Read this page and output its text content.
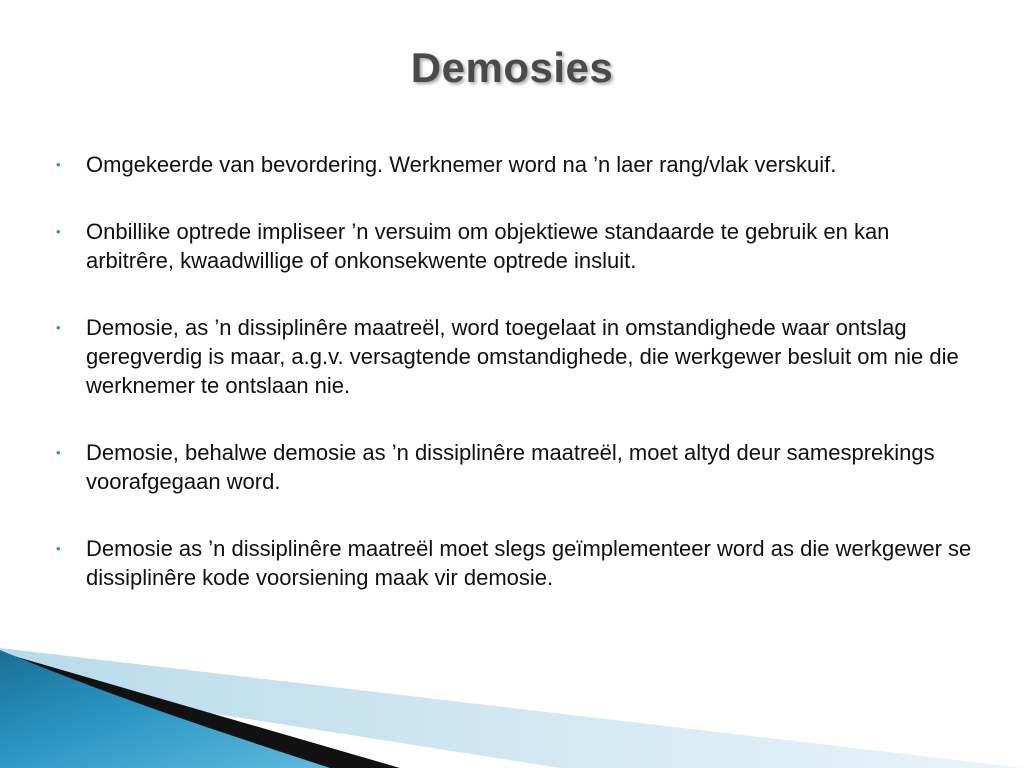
Demosies
• Omgekeerde van bevordering. Werknemer word na ’n laer rang/vlak verskuif.
• Onbillike optrede impliseer ’n versuim om objektiewe standaarde te gebruik en kan arbitrêre, kwaadwillige of onkonsekwente optrede insluit.
• Demosie, as ’n dissiplinêre maatreël, word toegelaat in omstandighede waar ontslag geregverdig is maar, a.g.v. versagtende omstandighede, die werkgewer besluit om nie die werknemer te ontslaan nie.
• Demosie, behalwe demosie as ’n dissiplinêre maatreël, moet altyd deur samesprekings voorafgegaan word.
• Demosie as ’n dissiplinêre maatreël moet slegs geïmplementeer word as die werkgewer se dissiplinêre kode voorsiening maak vir demosie.
